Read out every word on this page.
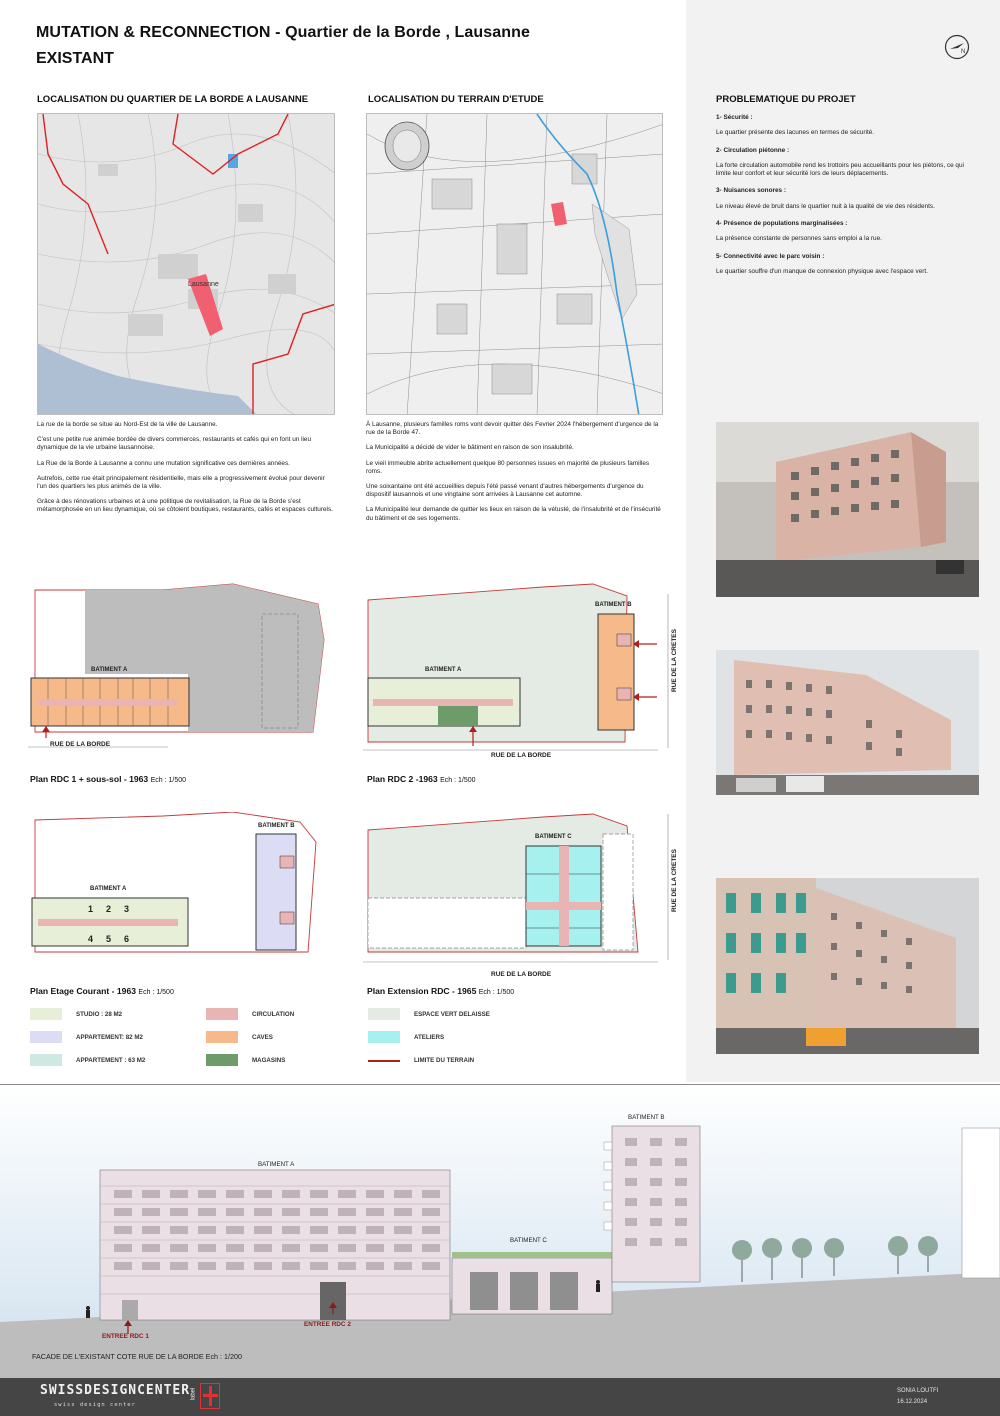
MUTATION & RECONNECTION - Quartier de la Borde , Lausanne
EXISTANT	N
LOCALISATION DU QUARTIER DE LA BORDE A LAUSANNE
Lausanne

La rue de la borde se situe au Nord-Est de la ville de Lausanne.

C'est une petite rue animée bordée de divers commerces, restaurants et cafés qui en font un lieu dynamique de la vie urbaine lausannoise.

La Rue de la Borde à Lausanne a connu une mutation significative ces dernières années.

Autrefois, cette rue était principalement résidentielle, mais elle a progressivement évolué pour devenir l'un des quartiers les plus animés de la ville.

Grâce à des rénovations urbaines et à une politique de revitalisation, la Rue de la Borde s'est métamorphosée en un lieu dynamique, où se côtoient boutiques, restaurants, cafés et espaces culturels.

LOCALISATION DU TERRAIN D'ETUDE

À Lausanne, plusieurs familles roms vont devoir quitter dès Fevrier 2024 l'hébergement d'urgence de la rue de la Borde 47.

La Municipalité a décidé de vider le bâtiment en raison de son insalubrité.

Le vieil immeuble abrite actuellement quelque 80 personnes issues en majorité de plusieurs familles roms.

Une soixantaine ont été accueillies depuis l'été passé venant d'autres hébergements d'urgence du dispositif lausannois et une vingtaine sont arrivées à Lausanne cet automne.

La Municipalité leur demande de quitter les lieux en raison de la vétusté, de l'insalubrité et de l'insécurité du bâtiment et de ses logements.

PROBLEMATIQUE DU PROJET
1- Sécurité :
Le quartier présente des lacunes en termes de sécurité.
2- Circulation piétonne :
La forte circulation automobile rend les trottoirs peu accueillants pour les piétons, ce qui limite leur confort et leur sécurité lors de leurs déplacements.
3- Nuisances sonores :
Le niveau élevé de bruit dans le quartier nuit à la qualité de vie des résidents.
4- Présence de populations marginalisées :
La présence constante de personnes sans emploi a la rue.
5- Connectivité avec le parc voisin :
Le quartier souffre d'un manque de connexion physique avec l'espace vert.
BATIMENT A
RUE DE LA BORDE
Plan RDC 1 + sous-sol - 1963 Ech : 1/500
BATIMENT A
BATIMENT B
RUE DE LA BORDE
RUE DE LA CRETES
Plan RDC 2 -1963 Ech : 1/500
1 2 3
4 5 6
BATIMENT A
BATIMENT B
Plan Etage Courant - 1963 Ech : 1/500
BATIMENT C
RUE DE LA BORDE
RUE DE LA CRETES
Plan Extension RDC - 1965 Ech : 1/500
STUDIO : 28 M2
APPARTEMENT: 82 M2
APPARTEMENT : 63 M2
CIRCULATION
CAVES
MAGASINS
ESPACE VERT DELAISSE
ATELIERS
LIMITE DU TERRAIN
BATIMENT A
BATIMENT B
BATIMENT C
ENTREE RDC 1
ENTREE RDC 2
FACADE DE L'EXISTANT COTE RUE DE LA BORDE Ech : 1/200
SWISSDESIGNCENTER
swiss design center
label	SONIA LOUTFI
16.12.2024
